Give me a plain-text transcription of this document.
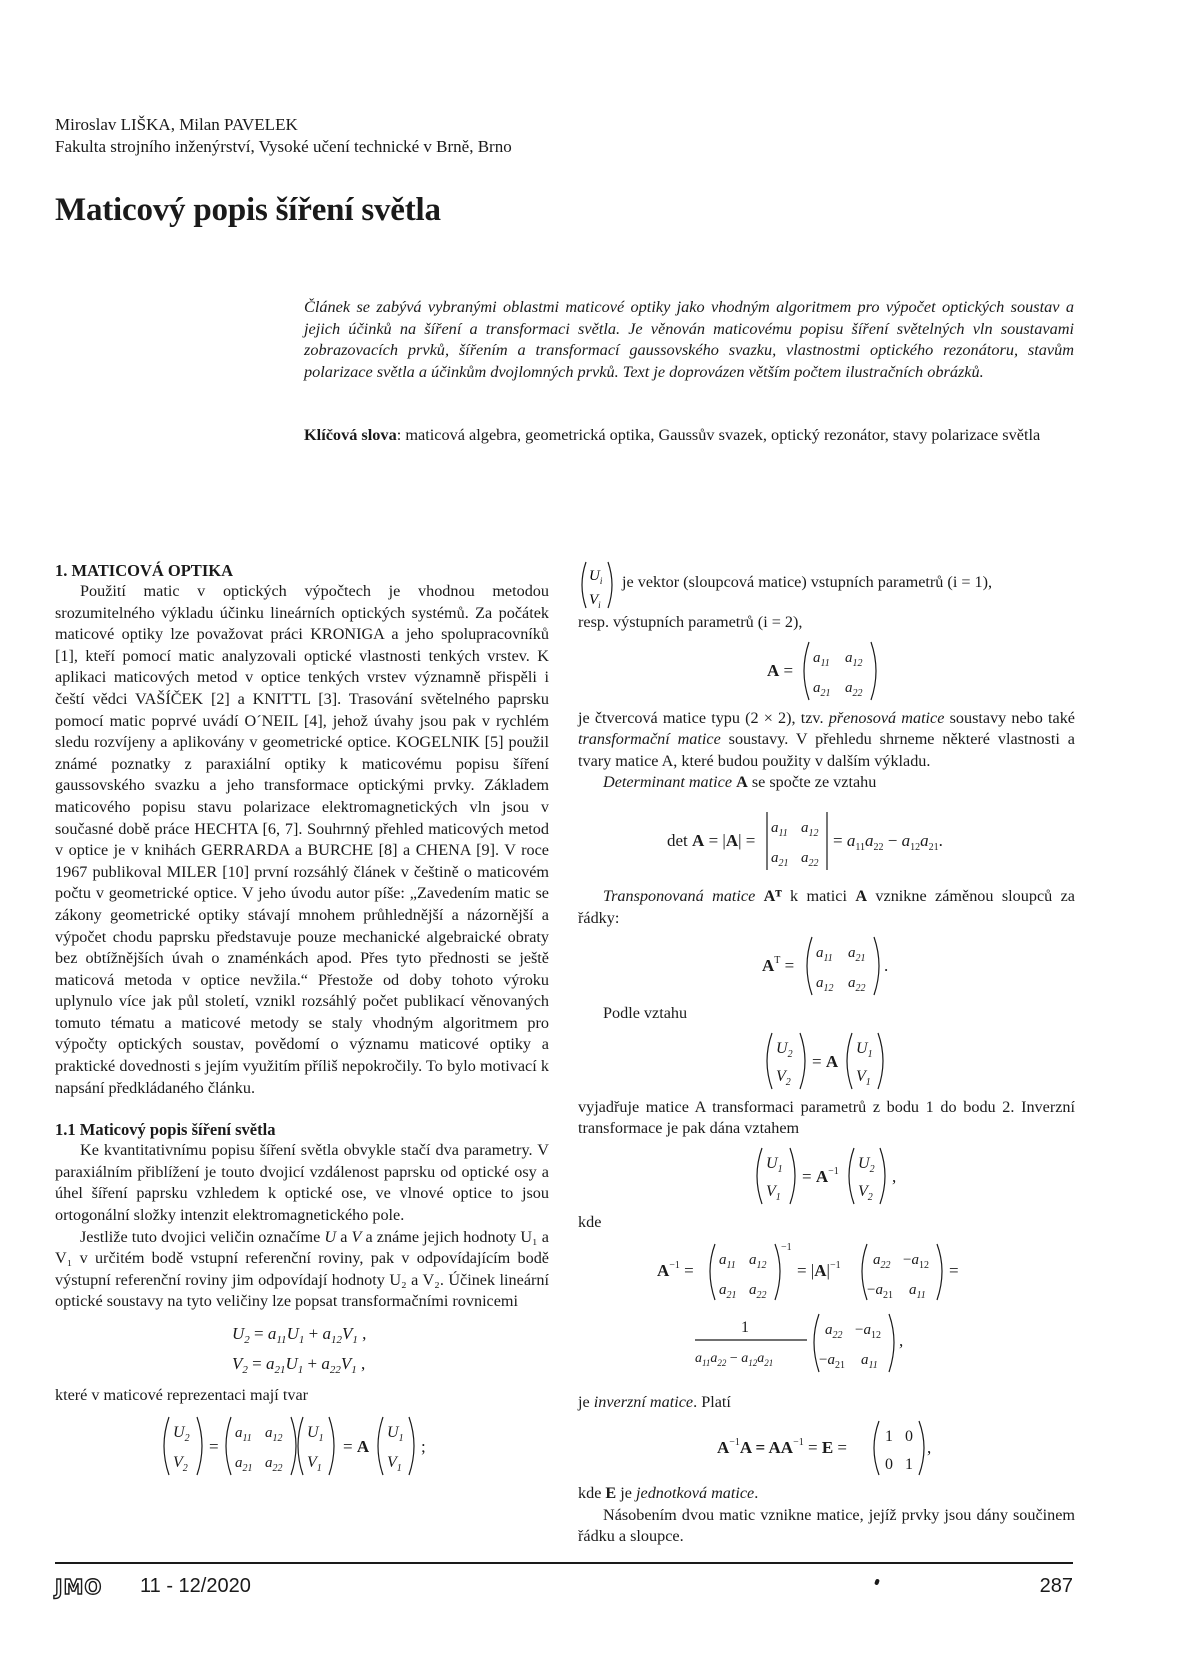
Miroslav LIŠKA, Milan PAVELEK
Fakulta strojního inženýrství, Vysoké učení technické v Brně, Brno
Maticový popis šíření světla

Článek se zabývá vybranými oblastmi maticové optiky jako vhodným algoritmem pro výpočet optických soustav a jejich účinků na šíření a transformaci světla. Je věnován maticovému popisu šíření světelných vln soustavami zobrazovacích prvků, šířením a transformací gaussovského svazku, vlastnostmi optického rezonátoru, stavům polarizace světla a účinkům dvojlomných prvků. Text je doprovázen větším počtem ilustračních obrázků.

Klíčová slova: maticová algebra, geometrická optika, Gaussův svazek, optický rezonátor, stavy polarizace světla

1. MATICOVÁ OPTIKA

Použití matic v optických výpočtech je vhodnou metodou srozumitelného výkladu účinku lineárních optických systémů. Za počátek maticové optiky lze považovat práci KRONIGA a jeho spolupracovníků [1], kteří pomocí matic analyzovali optické vlastnosti tenkých vrstev. K aplikaci maticových metod v optice tenkých vrstev významně přispěli i čeští vědci VAŠÍČEK [2] a KNITTL [3]. Trasování světelného paprsku pomocí matic poprvé uvádí O´NEIL [4], jehož úvahy jsou pak v rychlém sledu rozvíjeny a aplikovány v geometrické optice. KOGELNIK [5] použil známé poznatky z paraxiální optiky k maticovému popisu šíření gaussovského svazku a jeho transformace optickými prvky. Základem maticového popisu stavu polarizace elektromagnetických vln jsou v současné době práce HECHTA [6, 7]. Souhrnný přehled maticových metod v optice je v knihách GERRARDA a BURCHE [8] a CHENA [9]. V roce 1967 publikoval MILER [10] první rozsáhlý článek v češtině o maticovém počtu v geometrické optice. V jeho úvodu autor píše: „Zavedením matic se zákony geometrické optiky stávají mnohem průhlednější a názornější a výpočet chodu paprsku představuje pouze mechanické algebraické obraty bez obtížnějších úvah o znaménkách apod. Přes tyto přednosti se ještě maticová metoda v optice nevžila.“ Přestože od doby tohoto výroku uplynulo více jak půl století, vznikl rozsáhlý počet publikací věnovaných tomuto tématu a maticové metody se staly vhodným algoritmem pro výpočty optických soustav, povědomí o významu maticové optiky a praktické dovednosti s jejím využitím příliš nepokročily. To bylo motivací k napsání předkládaného článku.

1.1 Maticový popis šíření světla

Ke kvantitativnímu popisu šíření světla obvykle stačí dva parametry. V paraxiálním přiblížení je touto dvojicí vzdálenost paprsku od optické osy a úhel šíření paprsku vzhledem k optické ose, ve vlnové optice to jsou ortogonální složky intenzit elektromagnetického pole.

Jestliže tuto dvojici veličin označíme U a V a známe jejich hodnoty U₁ a V₁ v určitém bodě vstupní referenční roviny, pak v odpovídajícím bodě výstupní referenční roviny jim odpovídají hodnoty U₂ a V₂. Účinek lineární optické soustavy na tyto veličiny lze popsat transformačními rovnicemi

$U_2 = a_{11}U_1 + a_{12}V_1$ ,
$V_2 = a_{21}U_1 + a_{22}V_1$ ,

které v maticové reprezentaci mají tvar

$U_2$
$V_2$
=
$a_{11}$ $a_{12}$
$a_{21}$ $a_{22}$
$U_1$
$V_1$
= A
$U_1$
$V_1$
;
$U_i$
$V_i$
je vektor (sloupcová matice) vstupních parametrů (i = 1),

resp. výstupních parametrů (i = 2),

A =
$a_{11}$ $a_{12}$
$a_{21}$ $a_{22}$

je čtvercová matice typu (2 × 2), tzv. přenosová matice soustavy nebo také transformační matice soustavy. V přehledu shrneme některé vlastnosti a tvary matice A, které budou použity v dalším výkladu.

Determinant matice A se spočte ze vztahu

det A = |A| =
$a_{11}$ $a_{12}$
$a_{21}$ $a_{22}$
= $a_{11}a_{22} - a_{12}a_{21}$.

Transponovaná matice Aᵀ k matici A vznikne záměnou sloupců za řádky:

$A^T$ =
$a_{11}$ $a_{21}$
$a_{12}$ $a_{22}$
.

Podle vztahu

$U_2$
$V_2$
= A
$U_1$
$V_1$

vyjadřuje matice A transformaci parametrů z bodu 1 do bodu 2. Inverzní transformace je pak dána vztahem

$U_1$
$V_1$
= $A^{-1}$ $U_2$
$V_2$
,

kde

$A^{-1}$ =
$a_{11}$ $a_{12}$
$a_{21}$ $a_{22}$
−1
= $|A|^{-1}$ $a_{22} -a_{12}$
$-a_{21}$ $a_{11}$
=
1
$a_{11}a_{22} - a_{12}a_{21}$
$a_{22} -a_{12}$
$-a_{21}$ $a_{11}$
,

je inverzní matice. Platí

$A^{-1}A = AA^{-1} = E$ =
1 0
0 1
,

kde E je jednotková matice.

Násobením dvou matic vznikne matice, jejíž prvky jsou dány součinem řádku a sloupce.

JMO 11 - 12/2020	287
